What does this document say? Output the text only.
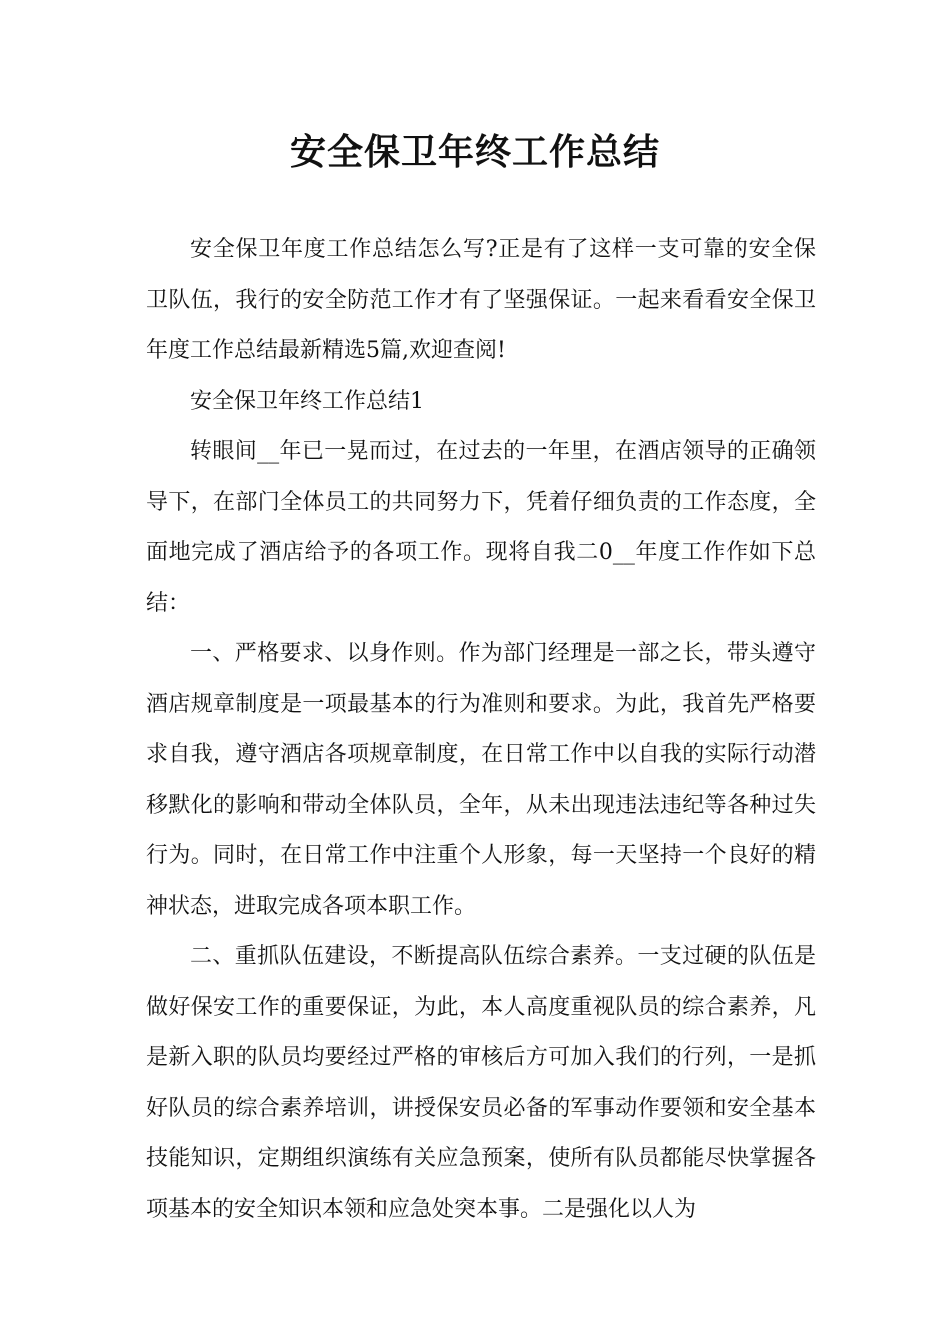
安全保卫年终工作总结

安全保卫年度工作总结怎么写?正是有了这样一支可靠的安全保卫队伍，我行的安全防范工作才有了坚强保证。一起来看看安全保卫年度工作总结最新精选5篇,欢迎查阅!

安全保卫年终工作总结1

转眼间__年已一晃而过，在过去的一年里，在酒店领导的正确领导下，在部门全体员工的共同努力下，凭着仔细负责的工作态度，全面地完成了酒店给予的各项工作。现将自我二0__年度工作作如下总结：

一、严格要求、以身作则。作为部门经理是一部之长，带头遵守酒店规章制度是一项最基本的行为准则和要求。为此，我首先严格要求自我，遵守酒店各项规章制度，在日常工作中以自我的实际行动潜移默化的影响和带动全体队员，全年，从未出现违法违纪等各种过失行为。同时，在日常工作中注重个人形象，每一天坚持一个良好的精神状态，进取完成各项本职工作。

二、重抓队伍建设，不断提高队伍综合素养。一支过硬的队伍是做好保安工作的重要保证，为此，本人高度重视队员的综合素养，凡是新入职的队员均要经过严格的审核后方可加入我们的行列，一是抓好队员的综合素养培训，讲授保安员必备的军事动作要领和安全基本技能知识，定期组织演练有关应急预案，使所有队员都能尽快掌握各项基本的安全知识本领和应急处突本事。二是强化以人为
